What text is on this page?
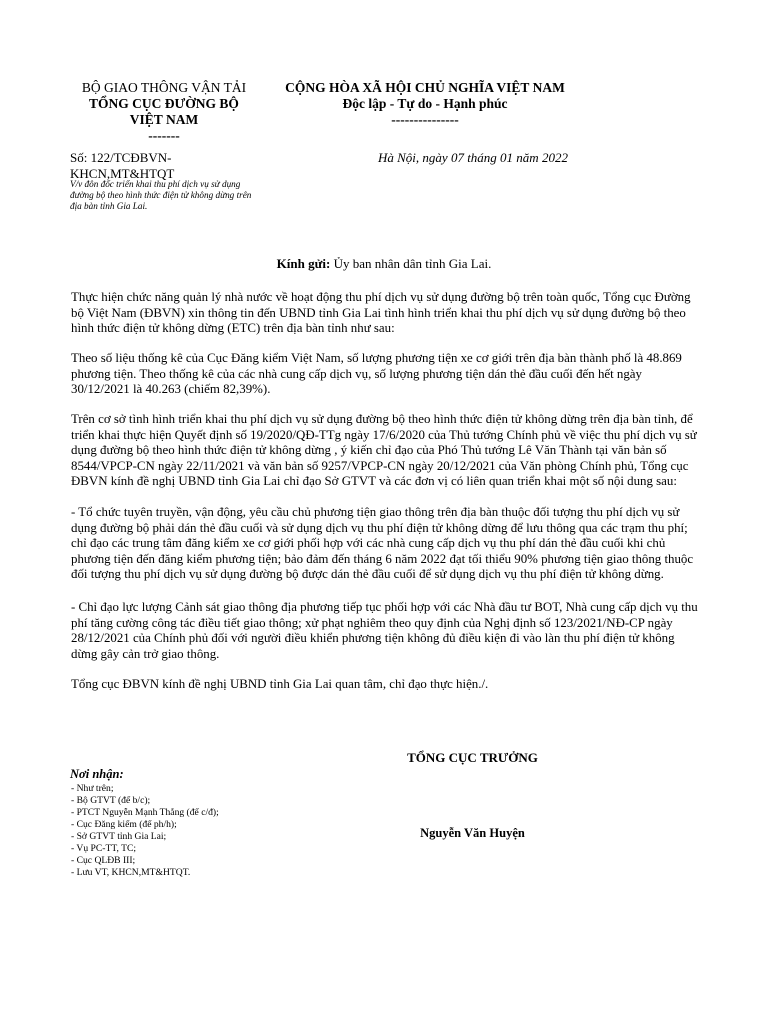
BỘ GIAO THÔNG VẬN TẢI
TỔNG CỤC ĐƯỜNG BỘ
VIỆT NAM
-------
CỘNG HÒA XÃ HỘI CHỦ NGHĨA VIỆT NAM
Độc lập - Tự do - Hạnh phúc
---------------
Số: 122/TCĐBVN-
KHCN,MT&HTQT
V/v đôn đốc triển khai thu phí dịch vụ sử dụng đường bộ theo hình thức điện tử không dừng trên địa bàn tỉnh Gia Lai.
Hà Nội, ngày 07 tháng 01 năm 2022
Kính gửi: Ủy ban nhân dân tỉnh Gia Lai.
Thực hiện chức năng quản lý nhà nước về hoạt động thu phí dịch vụ sử dụng đường bộ trên toàn quốc, Tổng cục Đường bộ Việt Nam (ĐBVN) xin thông tin đến UBND tỉnh Gia Lai tình hình triển khai thu phí dịch vụ sử dụng đường bộ theo hình thức điện tử không dừng (ETC) trên địa bàn tỉnh như sau:
Theo số liệu thống kê của Cục Đăng kiểm Việt Nam, số lượng phương tiện xe cơ giới trên địa bàn thành phố là 48.869 phương tiện. Theo thống kê của các nhà cung cấp dịch vụ, số lượng phương tiện dán thẻ đầu cuối đến hết ngày 30/12/2021 là 40.263 (chiếm 82,39%).
Trên cơ sở tình hình triển khai thu phí dịch vụ sử dụng đường bộ theo hình thức điện tử không dừng trên địa bàn tỉnh, để triển khai thực hiện Quyết định số 19/2020/QĐ-TTg ngày 17/6/2020 của Thủ tướng Chính phủ về việc thu phí dịch vụ sử dụng đường bộ theo hình thức điện tử không dừng , ý kiến chỉ đạo của Phó Thủ tướng Lê Văn Thành tại văn bản số 8544/VPCP-CN ngày 22/11/2021 và văn bản số 9257/VPCP-CN ngày 20/12/2021 của Văn phòng Chính phủ, Tổng cục ĐBVN kính đề nghị UBND tỉnh Gia Lai chỉ đạo Sở GTVT và các đơn vị có liên quan triển khai một số nội dung sau:
- Tổ chức tuyên truyền, vận động, yêu cầu chủ phương tiện giao thông trên địa bàn thuộc đối tượng thu phí dịch vụ sử dụng đường bộ phải dán thẻ đầu cuối và sử dụng dịch vụ thu phí điện tử không dừng để lưu thông qua các trạm thu phí; chỉ đạo các trung tâm đăng kiểm xe cơ giới phối hợp với các nhà cung cấp dịch vụ thu phí dán thẻ đầu cuối khi chủ phương tiện đến đăng kiểm phương tiện; bảo đảm đến tháng 6 năm 2022 đạt tối thiểu 90% phương tiện giao thông thuộc đối tượng thu phí dịch vụ sử dụng đường bộ được dán thẻ đầu cuối để sử dụng dịch vụ thu phí điện tử không dừng.
- Chỉ đạo lực lượng Cảnh sát giao thông địa phương tiếp tục phối hợp với các Nhà đầu tư BOT, Nhà cung cấp dịch vụ thu phí tăng cường công tác điều tiết giao thông; xử phạt nghiêm theo quy định của Nghị định số 123/2021/NĐ-CP ngày 28/12/2021 của Chính phủ đối với người điều khiển phương tiện không đủ điều kiện đi vào làn thu phí điện tử không dừng gây cản trở giao thông.
Tổng cục ĐBVN kính đề nghị UBND tỉnh Gia Lai quan tâm, chỉ đạo thực hiện./.
TỔNG CỤC TRƯỞNG
Nguyễn Văn Huyện
Nơi nhận:
- Như trên;
- Bộ GTVT (để b/c);
- PTCT Nguyễn Mạnh Thắng (để c/đ);
- Cục Đăng kiểm (để ph/h);
- Sở GTVT tỉnh Gia Lai;
- Vụ PC-TT, TC;
- Cục QLĐB III;
- Lưu VT, KHCN,MT&HTQT.
